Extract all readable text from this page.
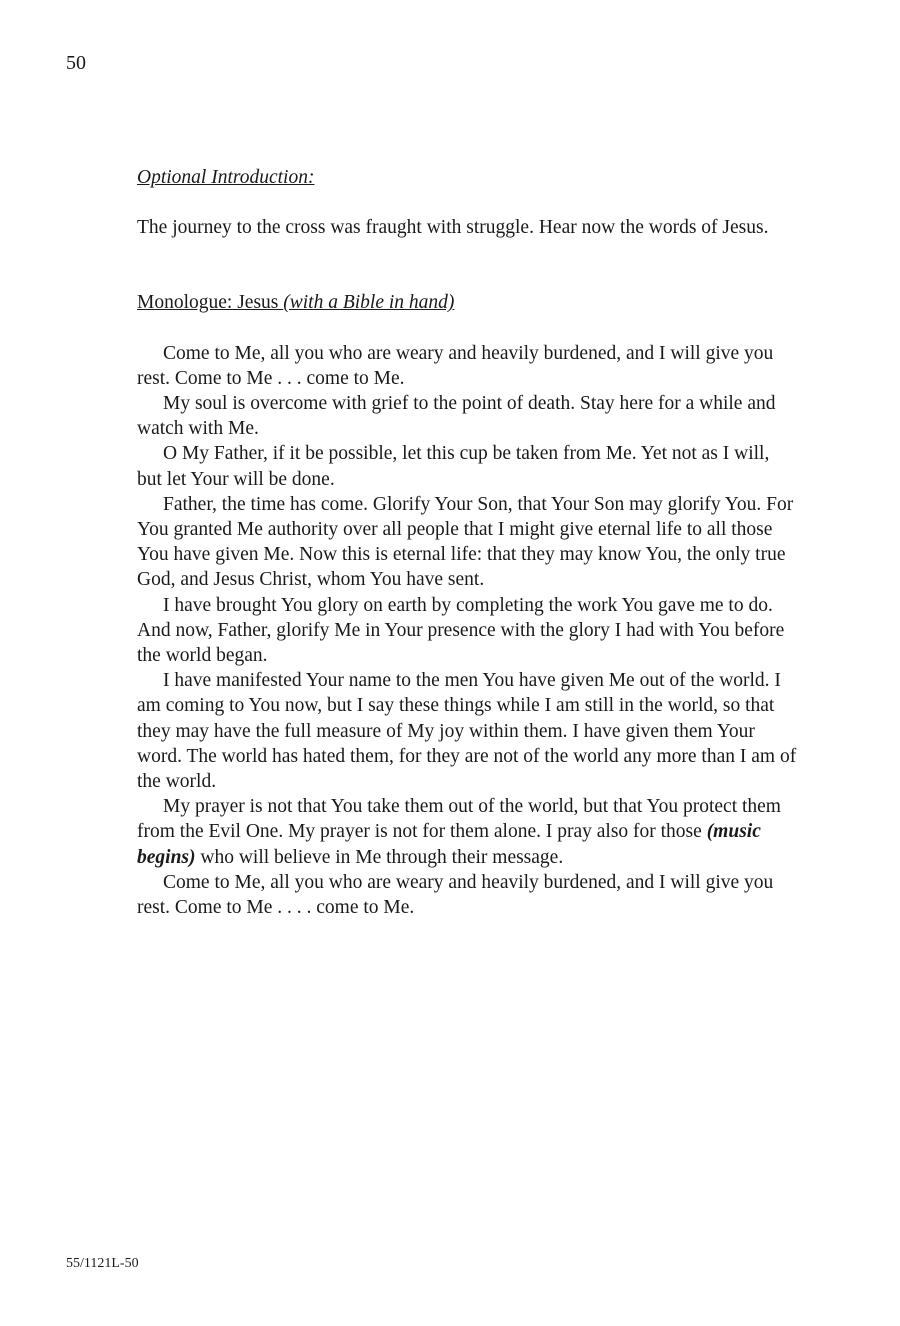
50

Optional Introduction:

The journey to the cross was fraught with struggle. Hear now the words of Jesus.

Monologue: Jesus (with a Bible in hand)

Come to Me, all you who are weary and heavily burdened, and I will give you rest. Come to Me . . . come to Me.

My soul is overcome with grief to the point of death. Stay here for a while and watch with Me.

O My Father, if it be possible, let this cup be taken from Me. Yet not as I will, but let Your will be done.

Father, the time has come. Glorify Your Son, that Your Son may glorify You. For You granted Me authority over all people that I might give eternal life to all those You have given Me. Now this is eternal life: that they may know You, the only true God, and Jesus Christ, whom You have sent.

I have brought You glory on earth by completing the work You gave me to do. And now, Father, glorify Me in Your presence with the glory I had with You before the world began.

I have manifested Your name to the men You have given Me out of the world. I am coming to You now, but I say these things while I am still in the world, so that they may have the full measure of My joy within them. I have given them Your word. The world has hated them, for they are not of the world any more than I am of the world.

My prayer is not that You take them out of the world, but that You protect them from the Evil One. My prayer is not for them alone. I pray also for those (music begins) who will believe in Me through their message.

Come to Me, all you who are weary and heavily burdened, and I will give you rest. Come to Me . . . . come to Me.

55/1121L-50
